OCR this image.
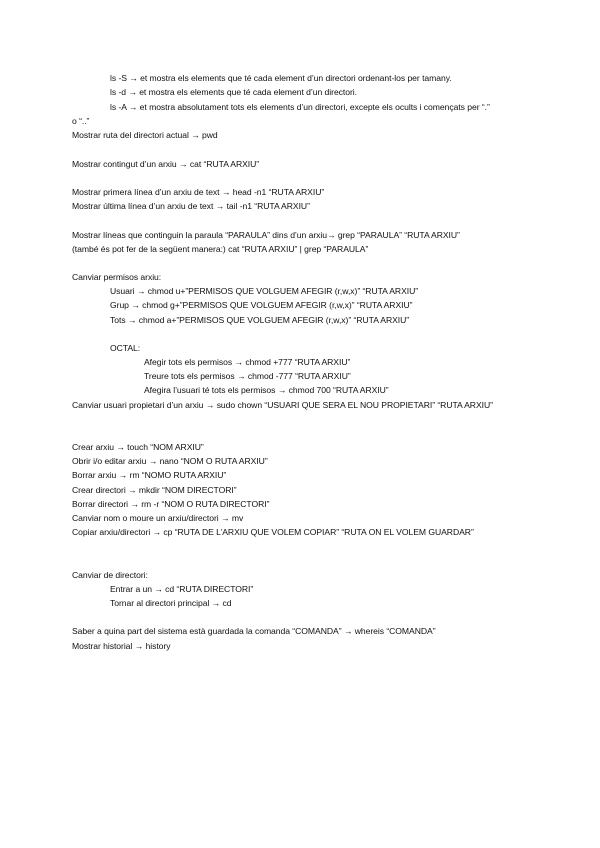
ls -S → et mostra els elements que té cada element d’un directori ordenant-los per tamany.
ls -d → et mostra els elements que té cada element d’un directori.
ls -A → et mostra absolutament tots els elements d’un directori, excepte els ocults i començats per “.”
o “..”
Mostrar ruta del directori actual → pwd
Mostrar contingut d’un arxiu → cat “RUTA ARXIU”
Mostrar primera línea d’un arxiu de text → head -n1 “RUTA ARXIU”
Mostrar última línea d’un arxiu de text → tail -n1 “RUTA ARXIU”
Mostrar líneas que continguin la paraula “PARAULA” dins d’un arxiu→ grep “PARAULA” “RUTA ARXIU”
(també és pot fer de la següent manera:) cat “RUTA ARXIU” | grep “PARAULA”
Canviar permisos arxiu:
Usuari → chmod u+”PERMISOS QUE VOLGUEM AFEGIR (r,w,x)” “RUTA ARXIU”
Grup → chmod g+”PERMISOS QUE VOLGUEM AFEGIR (r,w,x)” “RUTA ARXIU”
Tots → chmod a+”PERMISOS QUE VOLGUEM AFEGIR (r,w,x)” “RUTA ARXIU”
OCTAL:
Afegir tots els permisos → chmod +777 “RUTA ARXIU”
Treure tots els permisos → chmod -777 “RUTA ARXIU”
Afegira l’usuari té tots els permisos → chmod 700 “RUTA ARXIU”
Canviar usuari propietari d’un arxiu → sudo chown “USUARI QUE SERA EL NOU PROPIETARI” “RUTA ARXIU”
Crear arxiu → touch “NOM ARXIU”
Obrir i/o editar arxiu → nano “NOM O RUTA ARXIU”
Borrar arxiu → rm “NOMO RUTA ARXIU”
Crear directori → mkdir “NOM DIRECTORI”
Borrar directori → rm -r “NOM O RUTA DIRECTORI”
Canviar nom o moure un arxiu/directori → mv
Copiar arxiu/directori → cp “RUTA DE L’ARXIU QUE VOLEM COPIAR” “RUTA ON EL VOLEM GUARDAR”
Canviar de directori:
Entrar a un → cd “RUTA DIRECTORI”
Tornar al directori principal → cd
Saber a quina part del sistema està guardada la comanda “COMANDA” → whereis “COMANDA”
Mostrar historial → history
